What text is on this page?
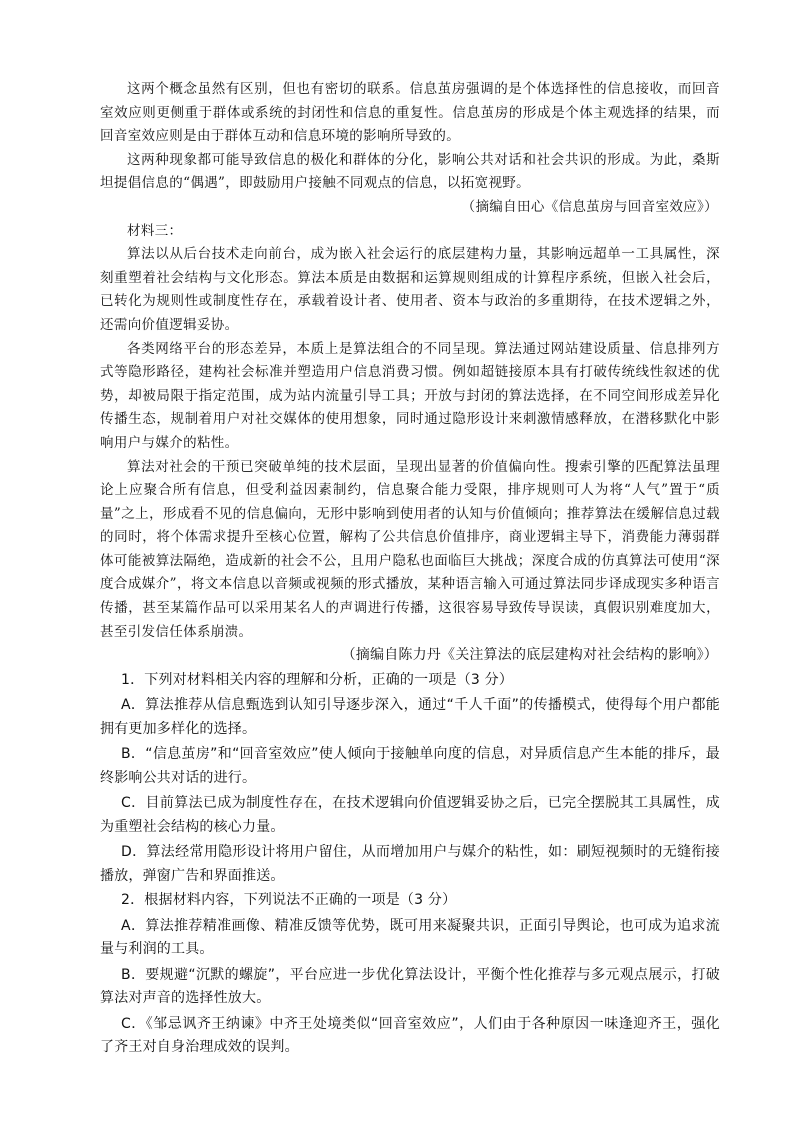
这两个概念虽然有区别，但也有密切的联系。信息茧房强调的是个体选择性的信息接收，而回音室效应则更侧重于群体或系统的封闭性和信息的重复性。信息茧房的形成是个体主观选择的结果，而回音室效应则是由于群体互动和信息环境的影响所导致的。

这两种现象都可能导致信息的极化和群体的分化，影响公共对话和社会共识的形成。为此，桑斯坦提倡信息的“偶遇”，即鼓励用户接触不同观点的信息，以拓宽视野。

（摘编自田心《信息茧房与回音室效应》）

材料三：

算法以从后台技术走向前台，成为嵌入社会运行的底层建构力量，其影响远超单一工具属性，深刻重塑着社会结构与文化形态。算法本质是由数据和运算规则组成的计算程序系统，但嵌入社会后，已转化为规则性或制度性存在，承载着设计者、使用者、资本与政治的多重期待，在技术逻辑之外，还需向价值逻辑妥协。

各类网络平台的形态差异，本质上是算法组合的不同呈现。算法通过网站建设质量、信息排列方式等隐形路径，建构社会标准并塑造用户信息消费习惯。例如超链接原本具有打破传统线性叙述的优势，却被局限于指定范围，成为站内流量引导工具；开放与封闭的算法选择，在不同空间形成差异化传播生态，规制着用户对社交媒体的使用想象，同时通过隐形设计来刺激情感释放，在潜移默化中影响用户与媒介的粘性。

算法对社会的干预已突破单纯的技术层面，呈现出显著的价值偏向性。搜索引擎的匹配算法虽理论上应聚合所有信息，但受利益因素制约，信息聚合能力受限，排序规则可人为将“人气”置于“质量”之上，形成看不见的信息偏向，无形中影响到使用者的认知与价值倾向；推荐算法在缓解信息过载的同时，将个体需求提升至核心位置，解构了公共信息价值排序，商业逻辑主导下，消费能力薄弱群体可能被算法隔绝，造成新的社会不公，且用户隐私也面临巨大挑战；深度合成的仿真算法可使用“深度合成媒介”，将文本信息以音频或视频的形式播放，某种语言输入可通过算法同步译成现实多种语言传播，甚至某篇作品可以采用某名人的声调进行传播，这很容易导致传导误读，真假识别难度加大，甚至引发信任体系崩溃。

（摘编自陈力丹《关注算法的底层建构对社会结构的影响》）

1．下列对材料相关内容的理解和分析，正确的一项是（3 分）

A．算法推荐从信息甄选到认知引导逐步深入，通过“千人千面”的传播模式，使得每个用户都能拥有更加多样化的选择。

B．“信息茧房”和“回音室效应”使人倾向于接触单向度的信息，对异质信息产生本能的排斥，最终影响公共对话的进行。

C．目前算法已成为制度性存在，在技术逻辑向价值逻辑妥协之后，已完全摆脱其工具属性，成为重塑社会结构的核心力量。

D．算法经常用隐形设计将用户留住，从而增加用户与媒介的粘性，如：刷短视频时的无缝衔接播放，弹窗广告和界面推送。

2．根据材料内容，下列说法不正确的一项是（3 分）

A．算法推荐精准画像、精准反馈等优势，既可用来凝聚共识，正面引导舆论，也可成为追求流量与利润的工具。

B．要规避“沉默的螺旋”，平台应进一步优化算法设计，平衡个性化推荐与多元观点展示，打破算法对声音的选择性放大。

C．《邹忌讽齐王纳谏》中齐王处境类似“回音室效应”，人们由于各种原因一味逢迎齐王，强化了齐王对自身治理成效的误判。
